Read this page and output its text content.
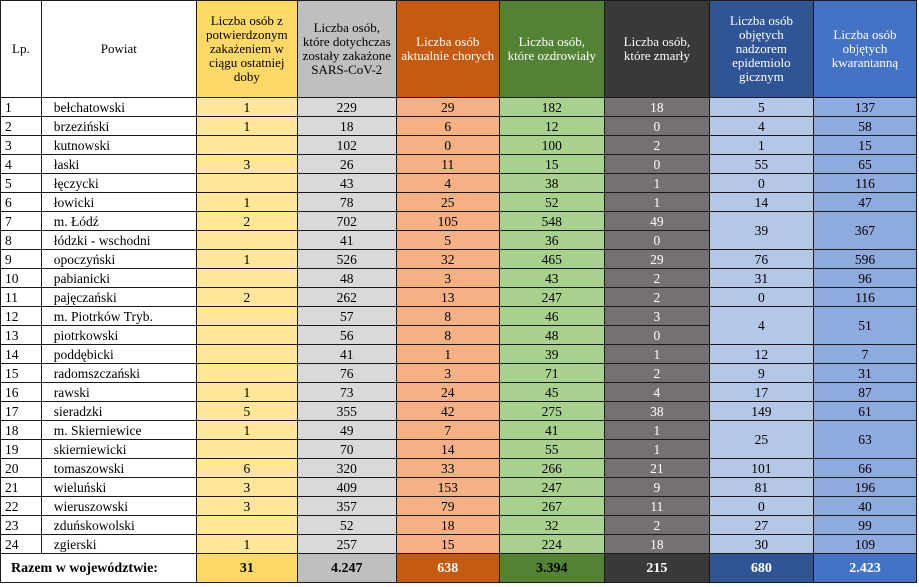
Lp.	Powiat	Liczba osób z potwierdzonym zakażeniem w ciągu ostatniej doby	Liczba osób, które dotychczas zostały zakażone SARS-CoV-2	Liczba osób aktualnie chorych	Liczba osób, które ozdrowiały	Liczba osób, które zmarły	Liczba osób objętych nadzorem epidemiolo gicznym	Liczba osób objętych kwarantanną
1	bełchatowski	1	229	29	182	18	5	137
2	brzeziński	1	18	6	12	0	4	58
3	kutnowski		102	0	100	2	1	15
4	łaski	3	26	11	15	0	55	65
5	łęczycki		43	4	38	1	0	116
6	łowicki	1	78	25	52	1	14	47
7	m. Łódź	2	702	105	548	49	39	367
8	łódzki - wschodni		41	5	36	0		
9	opoczyński	1	526	32	465	29	76	596
10	pabianicki		48	3	43	2	31	96
11	pajęczański	2	262	13	247	2	0	116
12	m. Piotrków Tryb.		57	8	46	3	4	51
13	piotrkowski		56	8	48	0		
14	poddębicki		41	1	39	1	12	7
15	radomszczański		76	3	71	2	9	31
16	rawski	1	73	24	45	4	17	87
17	sieradzki	5	355	42	275	38	149	61
18	m. Skierniewice	1	49	7	41	1	25	63
19	skierniewicki		70	14	55	1		
20	tomaszowski	6	320	33	266	21	101	66
21	wieluński	3	409	153	247	9	81	196
22	wieruszowski	3	357	79	267	11	0	40
23	zduńskowolski		52	18	32	2	27	99
24	zgierski	1	257	15	224	18	30	109
Razem w województwie:		31	4.247	638	3.394	215	680	2.423
